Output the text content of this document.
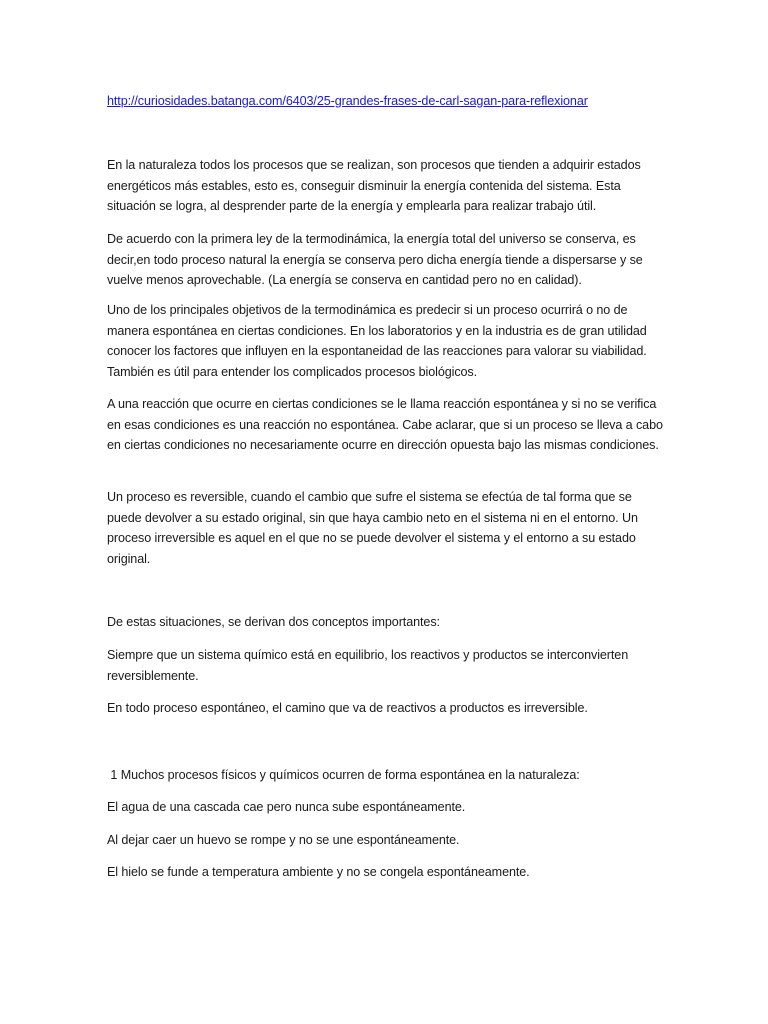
http://curiosidades.batanga.com/6403/25-grandes-frases-de-carl-sagan-para-reflexionar
En la naturaleza todos los procesos que se realizan, son procesos que tienden a adquirir estados energéticos más estables, esto es, conseguir disminuir la energía contenida del sistema. Esta situación se logra, al desprender parte de la energía y emplearla para realizar trabajo útil.
De acuerdo con la primera ley de la termodinámica, la energía total del universo se conserva, es decir,en todo proceso natural la energía se conserva pero dicha energía tiende a dispersarse y se vuelve menos aprovechable. (La energía se conserva en cantidad pero no en calidad).
Uno de los principales objetivos de la termodinámica es predecir si un proceso ocurrirá o no de manera espontánea en ciertas condiciones. En los laboratorios y en la industria es de gran utilidad conocer los factores que influyen en la espontaneidad de las reacciones para valorar su viabilidad. También es útil para entender los complicados procesos biológicos.
A una reacción que ocurre en ciertas condiciones se le llama reacción espontánea y si no se verifica en esas condiciones es una reacción no espontánea. Cabe aclarar, que si un proceso se lleva a cabo en ciertas condiciones no necesariamente ocurre en dirección opuesta bajo las mismas condiciones.
Un proceso es reversible, cuando el cambio que sufre el sistema se efectúa de tal forma que se puede devolver a su estado original, sin que haya cambio neto en el sistema ni en el entorno. Un proceso irreversible es aquel en el que no se puede devolver el sistema y el entorno a su estado original.
De estas situaciones, se derivan dos conceptos importantes:
Siempre que un sistema químico está en equilibrio, los reactivos y productos se interconvierten reversiblemente.
En todo proceso espontáneo, el camino que va de reactivos a productos es irreversible.
1 Muchos procesos físicos y químicos ocurren de forma espontánea en la naturaleza:
El agua de una cascada cae pero nunca sube espontáneamente.
Al dejar caer un huevo se rompe y no se une espontáneamente.
El hielo se funde a temperatura ambiente y no se congela espontáneamente.
